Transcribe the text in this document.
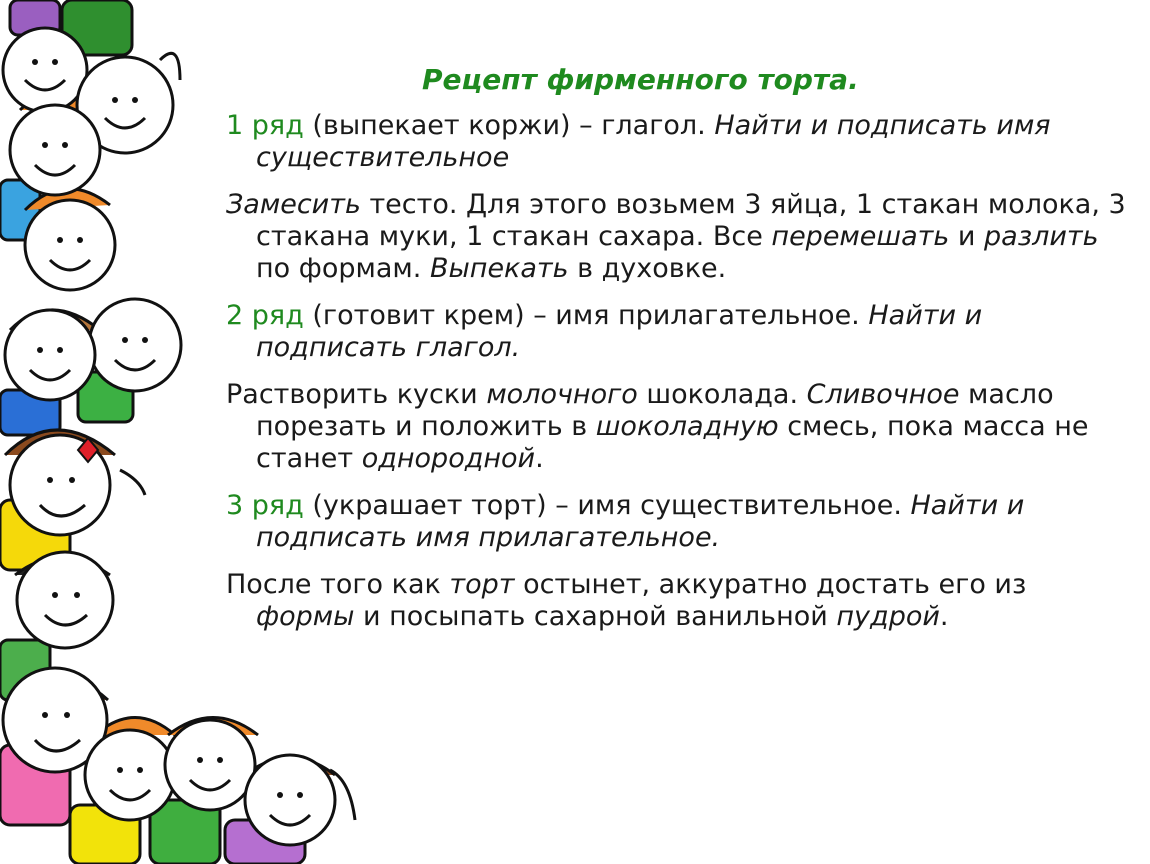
Рецепт фирменного торта.

1 ряд (выпекает коржи) – глагол. Найти и подписать имя существительное

Замесить тесто. Для этого возьмем 3 яйца, 1 стакан молока, 3 стакана муки, 1 стакан сахара. Все перемешать и разлить по формам. Выпекать в духовке.

2 ряд (готовит крем) – имя прилагательное. Найти и подписать глагол.

Растворить куски молочного шоколада. Сливочное масло порезать и положить в шоколадную смесь, пока масса не станет однородной.

3 ряд (украшает торт) – имя существительное. Найти и подписать имя прилагательное.

После того как торт остынет, аккуратно достать его из формы и посыпать сахарной ванильной пудрой.
